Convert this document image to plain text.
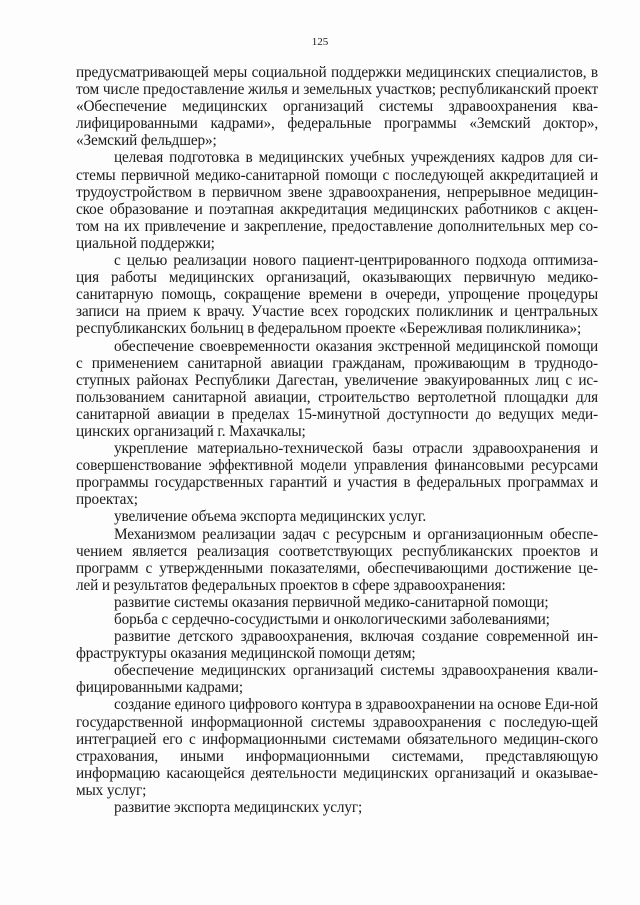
125

предусматривающей меры социальной поддержки медицинских специалистов, в том числе предоставление жилья и земельных участков; республиканский проект «Обеспечение медицинских организаций системы здравоохранения ква-лифицированными кадрами», федеральные программы «Земский доктор», «Земский фельдшер»;

целевая подготовка в медицинских учебных учреждениях кадров для си-стемы первичной медико-санитарной помощи с последующей аккредитацией и трудоустройством в первичном звене здравоохранения, непрерывное медицин-ское образование и поэтапная аккредитация медицинских работников с акцен-том на их привлечение и закрепление, предоставление дополнительных мер со-циальной поддержки;

с целью реализации нового пациент-центрированного подхода оптимиза-ция работы медицинских организаций, оказывающих первичную медико-санитарную помощь, сокращение времени в очереди, упрощение процедуры записи на прием к врачу. Участие всех городских поликлиник и центральных республиканских больниц в федеральном проекте «Бережливая поликлиника»;

обеспечение своевременности оказания экстренной медицинской помощи с применением санитарной авиации гражданам, проживающим в труднодо-ступных районах Республики Дагестан, увеличение эвакуированных лиц с ис-пользованием санитарной авиации, строительство вертолетной площадки для санитарной авиации в пределах 15-минутной доступности до ведущих меди-цинских организаций г. Махачкалы;

укрепление материально-технической базы отрасли здравоохранения и совершенствование эффективной модели управления финансовыми ресурсами программы государственных гарантий и участия в федеральных программах и проектах;

увеличение объема экспорта медицинских услуг.

Механизмом реализации задач с ресурсным и организационным обеспе-чением является реализация соответствующих республиканских проектов и программ с утвержденными показателями, обеспечивающими достижение це-лей и результатов федеральных проектов в сфере здравоохранения:

развитие системы оказания первичной медико-санитарной помощи;

борьба с сердечно-сосудистыми и онкологическими заболеваниями;

развитие детского здравоохранения, включая создание современной ин-фраструктуры оказания медицинской помощи детям;

обеспечение медицинских организаций системы здравоохранения квали-фицированными кадрами;

создание единого цифрового контура в здравоохранении на основе Еди-ной государственной информационной системы здравоохранения с последую-щей интеграцией его с информационными системами обязательного медицин-ского страхования, иными информационными системами, представляющую информацию касающейся деятельности медицинских организаций и оказывае-мых услуг;

развитие экспорта медицинских услуг;
